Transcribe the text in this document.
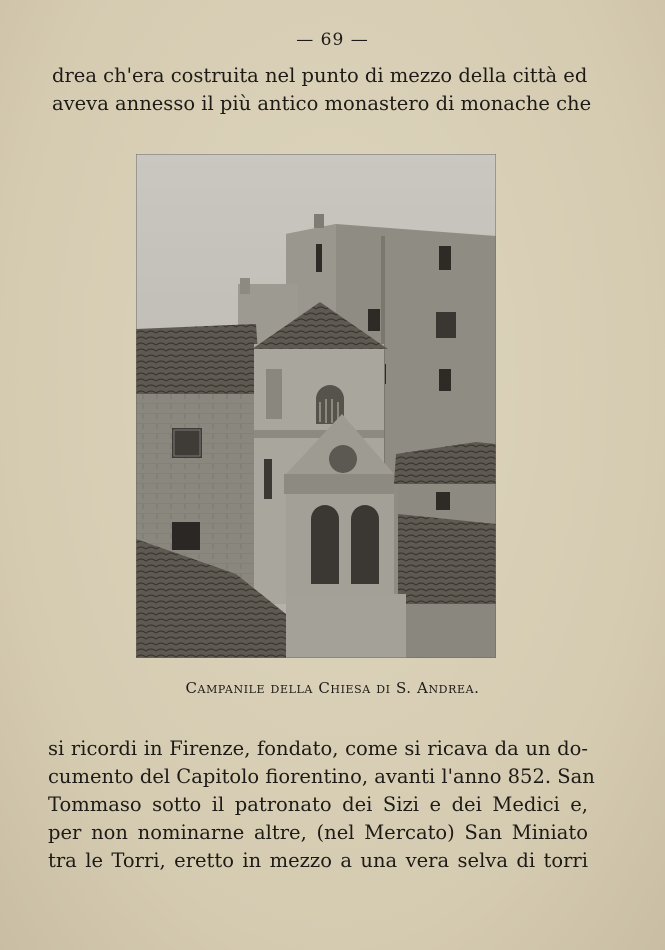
— 69 —
drea ch'era costruita nel punto di mezzo della città ed
aveva annesso il più antico monastero di monache che
Campanile della Chiesa di S. Andrea.
si ricordi in Firenze, fondato, come si ricava da un do-
cumento del Capitolo fiorentino, avanti l'anno 852. San
Tommaso sotto il patronato dei Sizi e dei Medici e,
per non nominarne altre, (nel Mercato) San Miniato
tra le Torri, eretto in mezzo a una vera selva di torri
